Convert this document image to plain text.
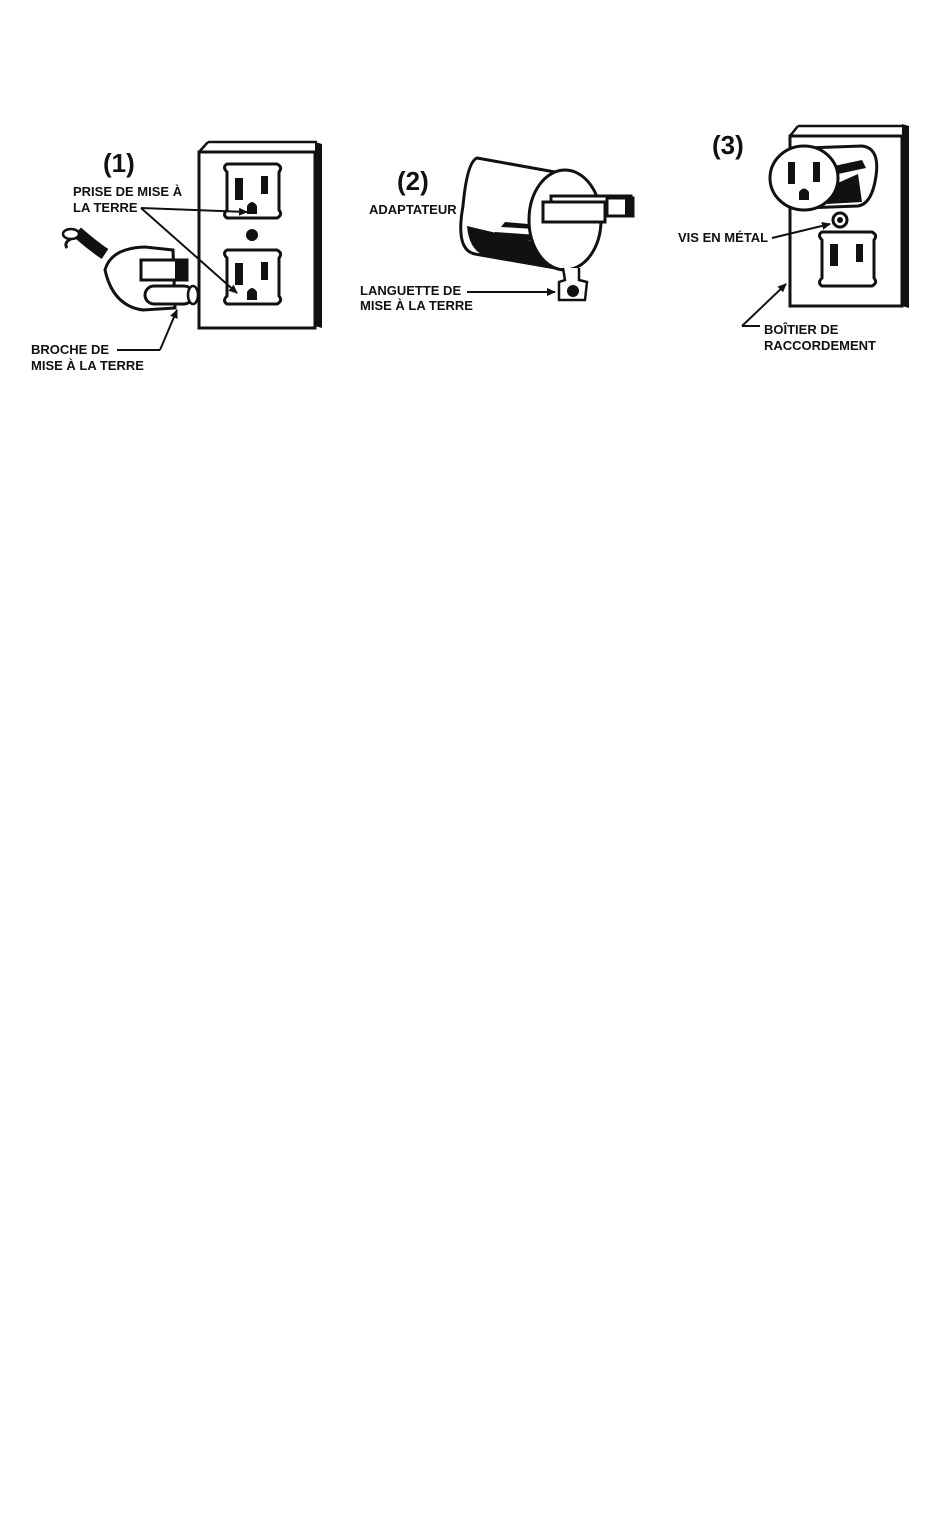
(1)
PRISE DE MISE À
LA TERRE
BROCHE DE
MISE À LA TERRE
(2)
ADAPTATEUR
LANGUETTE DE
MISE À LA TERRE
(3)
VIS EN MÉTAL
BOÎTIER DE
RACCORDEMENT
